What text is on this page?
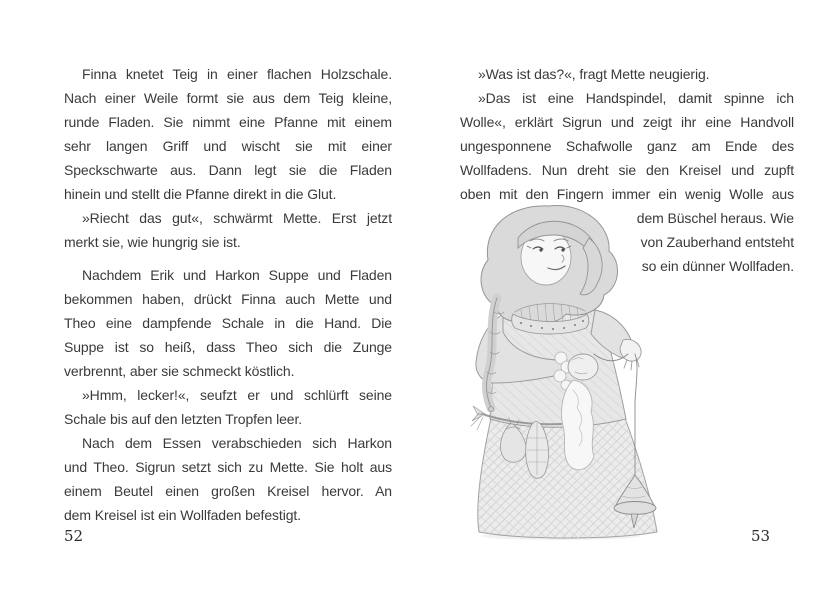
Finna knetet Teig in einer flachen Holzschale.
Nach einer Weile formt sie aus dem Teig kleine,
runde Fladen. Sie nimmt eine Pfanne mit einem
sehr langen Griff und wischt sie mit einer
Speckschwarte aus. Dann legt sie die Fladen
hinein und stellt die Pfanne direkt in die Glut.
»Riecht das gut«, schwärmt Mette. Erst jetzt
merkt sie, wie hungrig sie ist.
Nachdem Erik und Harkon Suppe und Fladen
bekommen haben, drückt Finna auch Mette und
Theo eine dampfende Schale in die Hand. Die
Suppe ist so heiß, dass Theo sich die Zunge
verbrennt, aber sie schmeckt köstlich.
»Hmm, lecker!«, seufzt er und schlürft seine
Schale bis auf den letzten Tropfen leer.
Nach dem Essen verabschieden sich Harkon
und Theo. Sigrun setzt sich zu Mette. Sie holt aus
einem Beutel einen großen Kreisel hervor. An
dem Kreisel ist ein Wollfaden befestigt.
»Was ist das?«, fragt Mette neugierig.
»Das ist eine Handspindel, damit spinne ich
Wolle«, erklärt Sigrun und zeigt ihr eine Handvoll
ungesponnene Schafwolle ganz am Ende des
Wollfadens. Nun dreht sie den Kreisel und zupft
oben mit den Fingern immer ein wenig Wolle aus
dem Büschel heraus. Wie
von Zauberhand entsteht
so ein dünner Wollfaden.
52	53
